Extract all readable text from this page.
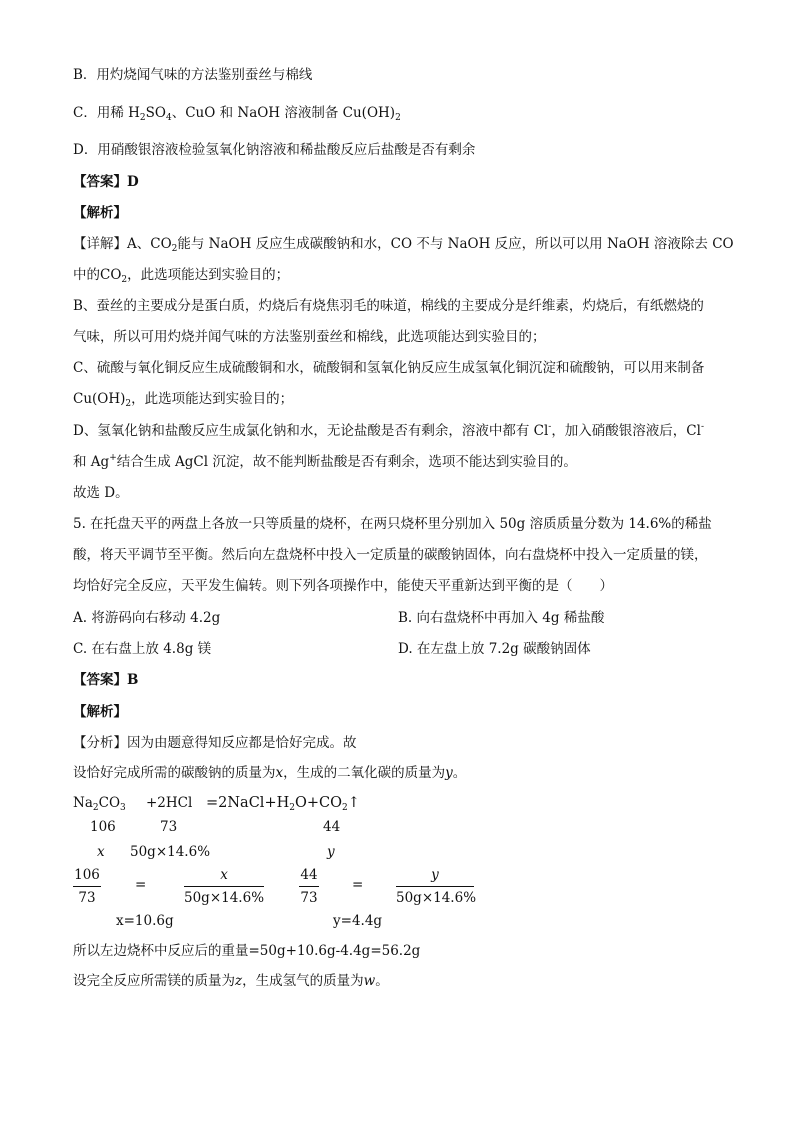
B．用灼烧闻气味的方法鉴别蚕丝与棉线
C．用稀 $H_2SO_4$、CuO 和 NaOH 溶液制备 $Cu(OH)_2$
D．用硝酸银溶液检验氢氧化钠溶液和稀盐酸反应后盐酸是否有剩余
【答案】D
【解析】
【详解】A、$CO_2$能与 NaOH 反应生成碳酸钠和水，CO 不与 NaOH 反应，所以可以用 NaOH 溶液除去 CO
中的$CO_2$，此选项能达到实验目的；
B、蚕丝的主要成分是蛋白质，灼烧后有烧焦羽毛的味道，棉线的主要成分是纤维素，灼烧后，有纸燃烧的
气味，所以可用灼烧并闻气味的方法鉴别蚕丝和棉线，此选项能达到实验目的；
C、硫酸与氧化铜反应生成硫酸铜和水，硫酸铜和氢氧化钠反应生成氢氧化铜沉淀和硫酸钠，可以用来制备
$Cu(OH)_2$，此选项能达到实验目的；
D、氢氧化钠和盐酸反应生成氯化钠和水，无论盐酸是否有剩余，溶液中都有 Cl-，加入硝酸银溶液后，Cl-
和 Ag+结合生成 AgCl 沉淀，故不能判断盐酸是否有剩余，选项不能达到实验目的。
故选 D。
5. 在托盘天平的两盘上各放一只等质量的烧杯，在两只烧杯里分别加入 50g 溶质质量分数为 14.6%的稀盐
酸，将天平调节至平衡。然后向左盘烧杯中投入一定质量的碳酸钠固体，向右盘烧杯中投入一定质量的镁，
均恰好完全反应，天平发生偏转。则下列各项操作中，能使天平重新达到平衡的是（　　）
A. 将游码向右移动 4.2g	B. 向右盘烧杯中再加入 4g 稀盐酸
C. 在右盘上放 4.8g 镁	D. 在左盘上放 7.2g 碳酸钠固体
【答案】B
【解析】
【分析】因为由题意得知反应都是恰好完成。故
设恰好完成所需的碳酸钠的质量为x，生成的二氧化碳的质量为y。
$Na_2CO_3 +2HCl$ $=2NaCl+H_2O+CO_2↑$
106	73	44
x 50g×14.6%	y
$\frac{106}{73}$	=	$\frac{x}{50g\times 14.6\%}$	$\frac{44}{73} = \frac{y}{50g\times 14.6\%}$
x=10.6g	y=4.4g
所以左边烧杯中反应后的重量=50g+10.6g-4.4g=56.2g
设完全反应所需镁的质量为z，生成氢气的质量为w。
